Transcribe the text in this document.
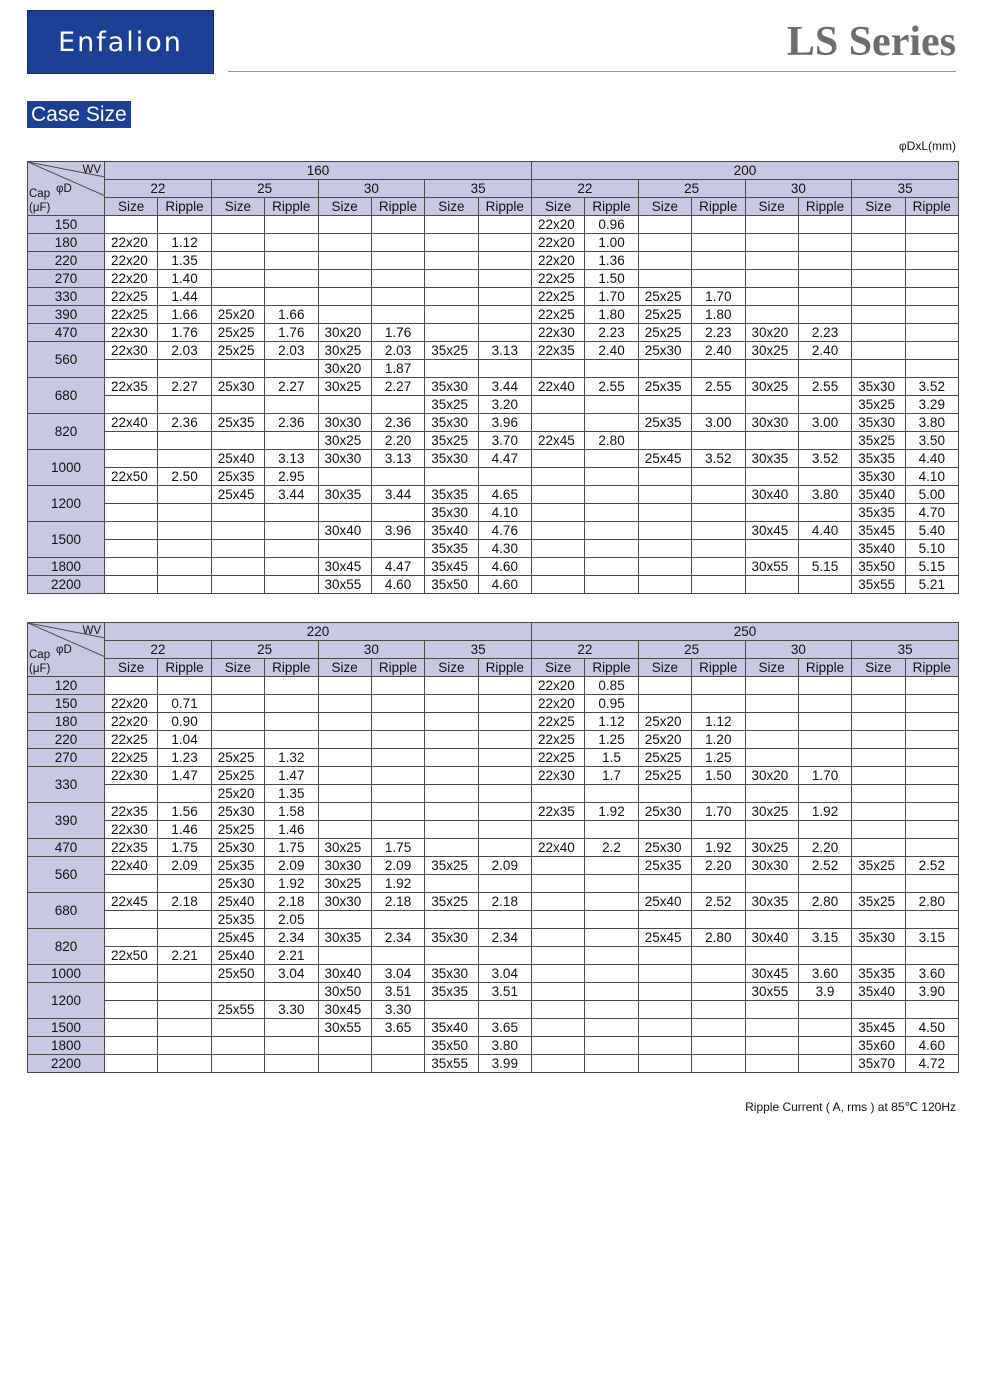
Enfalion	LS Series
Case Size
φDxL(mm)
WV
φD
Cap
(μF)	160								200							
	22		25		30		35		22		25		30		35	
	Size	Ripple	Size	Ripple	Size	Ripple	Size	Ripple	Size	Ripple	Size	Ripple	Size	Ripple	Size	Ripple
150									22x20	0.96						
180	22x20	1.12							22x20	1.00						
220	22x20	1.35							22x20	1.36						
270	22x20	1.40							22x25	1.50						
330	22x25	1.44							22x25	1.70	25x25	1.70				
390	22x25	1.66	25x20	1.66					22x25	1.80	25x25	1.80				
470	22x30	1.76	25x25	1.76	30x20	1.76			22x30	2.23	25x25	2.23	30x20	2.23		
560	22x30	2.03	25x25	2.03	30x25	2.03	35x25	3.13	22x35	2.40	25x30	2.40	30x25	2.40		
					30x20	1.87										
680	22x35	2.27	25x30	2.27	30x25	2.27	35x30	3.44	22x40	2.55	25x35	2.55	30x25	2.55	35x30	3.52
							35x25	3.20							35x25	3.29
820	22x40	2.36	25x35	2.36	30x30	2.36	35x30	3.96			25x35	3.00	30x30	3.00	35x30	3.80
					30x25	2.20	35x25	3.70	22x45	2.80					35x25	3.50
1000			25x40	3.13	30x30	3.13	35x30	4.47			25x45	3.52	30x35	3.52	35x35	4.40
	22x50	2.50	25x35	2.95											35x30	4.10
1200			25x45	3.44	30x35	3.44	35x35	4.65					30x40	3.80	35x40	5.00
							35x30	4.10							35x35	4.70
1500					30x40	3.96	35x40	4.76					30x45	4.40	35x45	5.40
							35x35	4.30							35x40	5.10
1800					30x45	4.47	35x45	4.60					30x55	5.15	35x50	5.15
2200					30x55	4.60	35x50	4.60							35x55	5.21
WV
φD
Cap
(μF)	220								250							
	22		25		30		35		22		25		30		35	
	Size	Ripple	Size	Ripple	Size	Ripple	Size	Ripple	Size	Ripple	Size	Ripple	Size	Ripple	Size	Ripple
120									22x20	0.85						
150	22x20	0.71							22x20	0.95						
180	22x20	0.90							22x25	1.12	25x20	1.12				
220	22x25	1.04							22x25	1.25	25x20	1.20				
270	22x25	1.23	25x25	1.32					22x25	1.5	25x25	1.25				
330	22x30	1.47	25x25	1.47					22x30	1.7	25x25	1.50	30x20	1.70		
			25x20	1.35												
390	22x35	1.56	25x30	1.58					22x35	1.92	25x30	1.70	30x25	1.92		
	22x30	1.46	25x25	1.46												
470	22x35	1.75	25x30	1.75	30x25	1.75			22x40	2.2	25x30	1.92	30x25	2.20		
560	22x40	2.09	25x35	2.09	30x30	2.09	35x25	2.09			25x35	2.20	30x30	2.52	35x25	2.52
			25x30	1.92	30x25	1.92										
680	22x45	2.18	25x40	2.18	30x30	2.18	35x25	2.18			25x40	2.52	30x35	2.80	35x25	2.80
			25x35	2.05												
820			25x45	2.34	30x35	2.34	35x30	2.34			25x45	2.80	30x40	3.15	35x30	3.15
	22x50	2.21	25x40	2.21												
1000			25x50	3.04	30x40	3.04	35x30	3.04					30x45	3.60	35x35	3.60
1200					30x50	3.51	35x35	3.51					30x55	3.9	35x40	3.90
			25x55	3.30	30x45	3.30										
1500					30x55	3.65	35x40	3.65							35x45	4.50
1800							35x50	3.80							35x60	4.60
2200							35x55	3.99							35x70	4.72
Ripple Current ( A, rms ) at 85℃ 120Hz
